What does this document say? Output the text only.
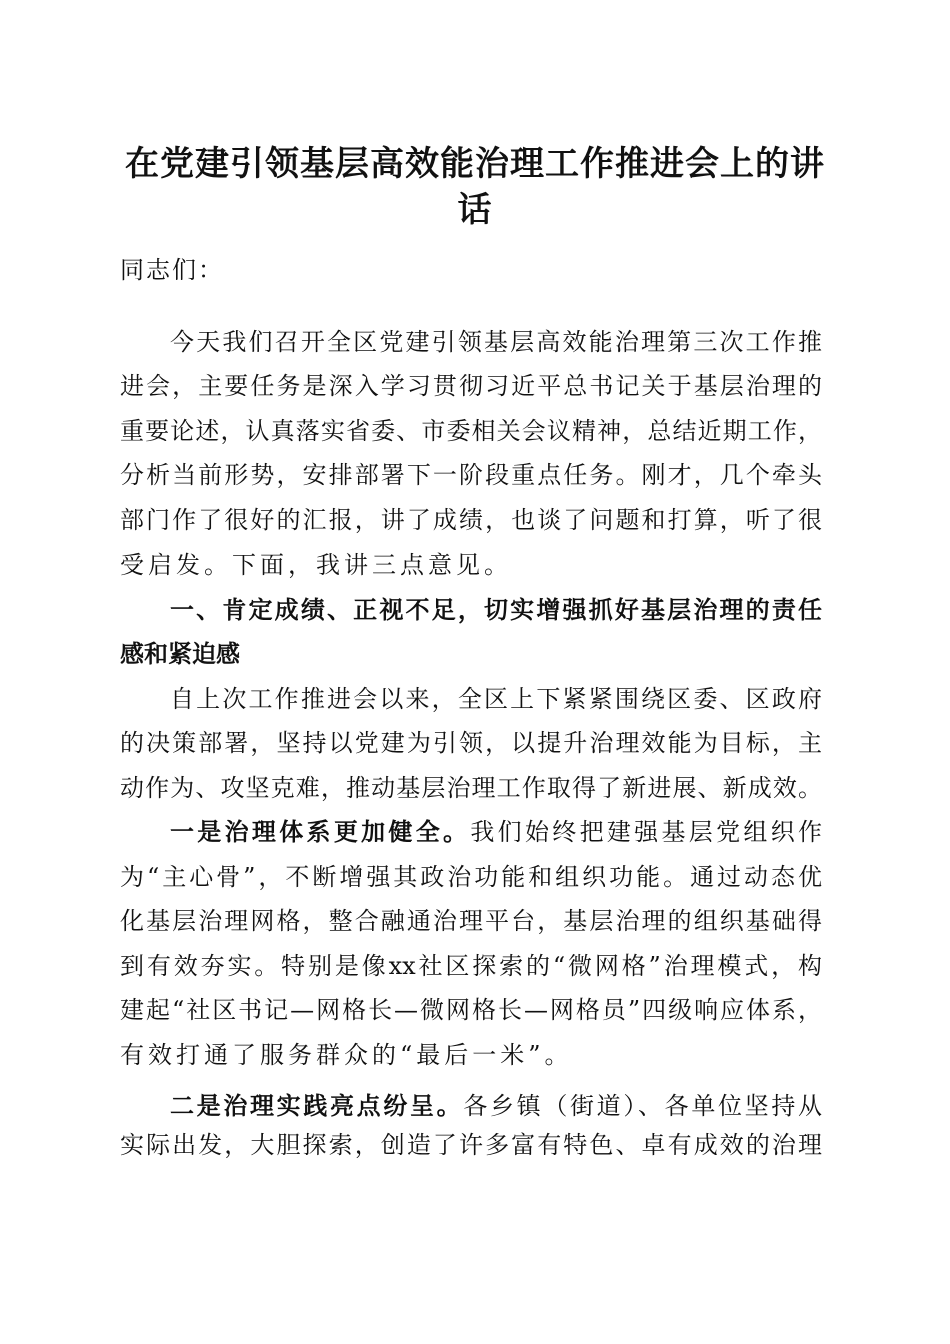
在党建引领基层高效能治理工作推进会上的讲
话
同志们：
今天我们召开全区党建引领基层高效能治理第三次工作推
进会，主要任务是深入学习贯彻习近平总书记关于基层治理的
重要论述，认真落实省委、市委相关会议精神，总结近期工作，
分析当前形势，安排部署下一阶段重点任务。刚才，几个牵头
部门作了很好的汇报，讲了成绩，也谈了问题和打算，听了很
受启发。下面，我讲三点意见。
一、肯定成绩、正视不足，切实增强抓好基层治理的责任
感和紧迫感
自上次工作推进会以来，全区上下紧紧围绕区委、区政府
的决策部署，坚持以党建为引领，以提升治理效能为目标，主
动作为、攻坚克难，推动基层治理工作取得了新进展、新成效。
一是治理体系更加健全。我们始终把建强基层党组织作
为“主心骨”，不断增强其政治功能和组织功能。通过动态优
化基层治理网格，整合融通治理平台，基层治理的组织基础得
到有效夯实。特别是像xx社区探索的“微网格”治理模式，构
建起“社区书记—网格长—微网格长—网格员”四级响应体系，
有效打通了服务群众的“最后一米”。
二是治理实践亮点纷呈。各乡镇（街道）、各单位坚持从
实际出发，大胆探索，创造了许多富有特色、卓有成效的治理
